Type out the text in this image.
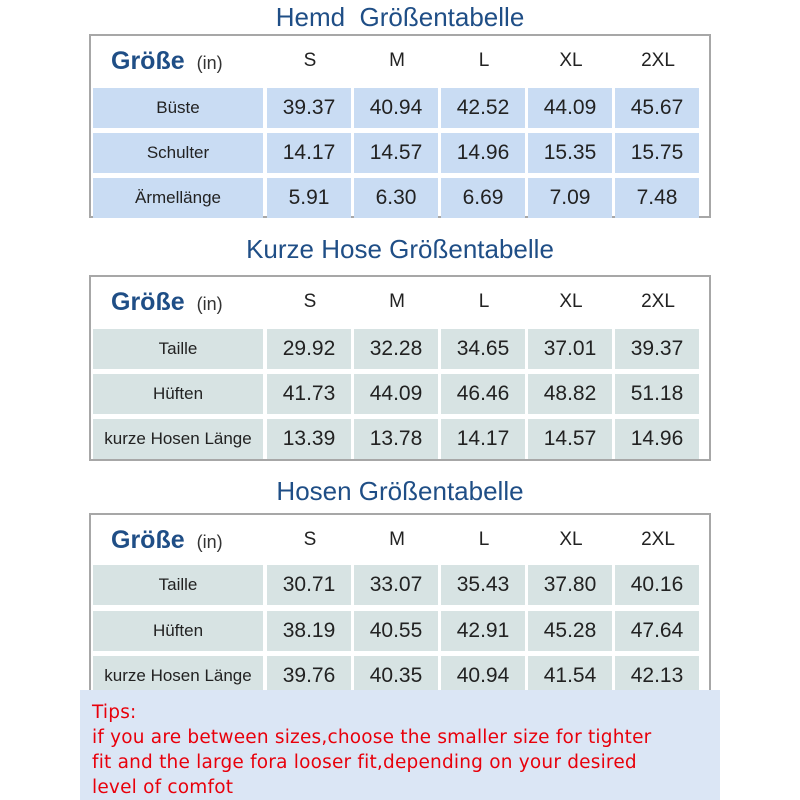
Hemd  Größentabelle
Größe (in)	S	M	L	XL	2XL
Büste	39.37	40.94	42.52	44.09	45.67
Schulter	14.17	14.57	14.96	15.35	15.75
Ärmellänge	5.91	6.30	6.69	7.09	7.48
Kurze Hose Größentabelle
Größe (in)	S	M	L	XL	2XL
Taille	29.92	32.28	34.65	37.01	39.37
Hüften	41.73	44.09	46.46	48.82	51.18
kurze Hosen Länge	13.39	13.78	14.17	14.57	14.96
Hosen Größentabelle
Größe (in)	S	M	L	XL	2XL
Taille	30.71	33.07	35.43	37.80	40.16
Hüften	38.19	40.55	42.91	45.28	47.64
kurze Hosen Länge	39.76	40.35	40.94	41.54	42.13
Tips:
if you are between sizes,choose the smaller size for tighter
fit and the large fora looser fit,depending on your desired
level of comfot
